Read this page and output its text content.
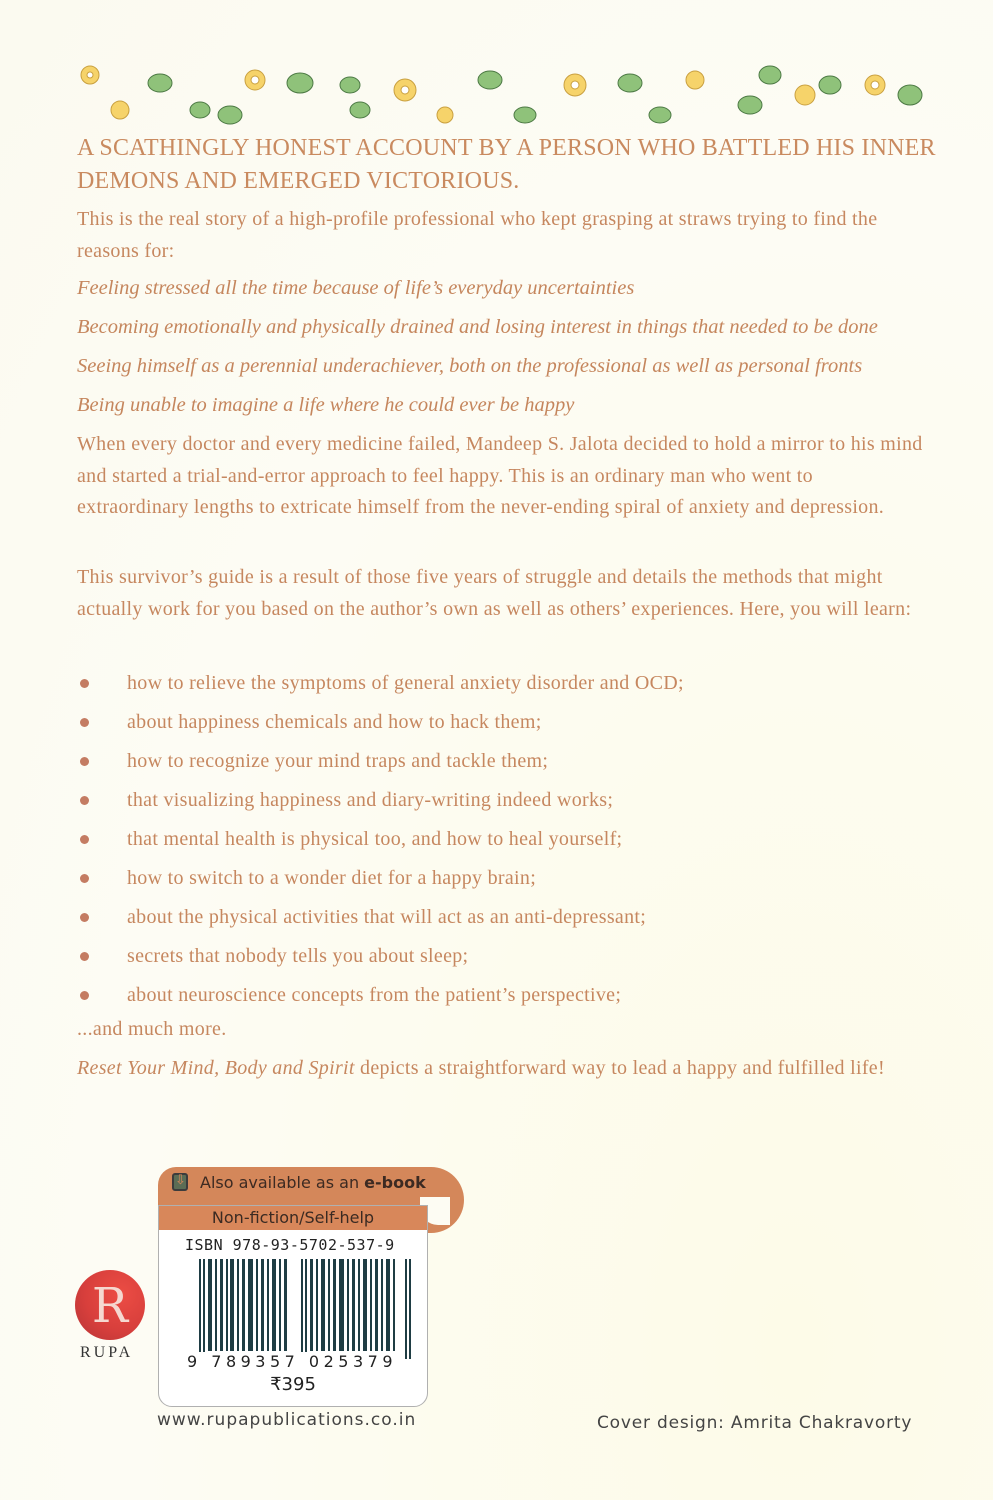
A SCATHINGLY HONEST ACCOUNT BY A PERSON WHO BATTLED HIS INNER DEMONS AND EMERGED VICTORIOUS.
This is the real story of a high-profile professional who kept grasping at straws trying to find the reasons for:
Feeling stressed all the time because of life’s everyday uncertainties
Becoming emotionally and physically drained and losing interest in things that needed to be done
Seeing himself as a perennial underachiever, both on the professional as well as personal fronts
Being unable to imagine a life where he could ever be happy
When every doctor and every medicine failed, Mandeep S. Jalota decided to hold a mirror to his mind and started a trial-and-error approach to feel happy. This is an ordinary man who went to extraordinary lengths to extricate himself from the never-ending spiral of anxiety and depression.
This survivor’s guide is a result of those five years of struggle and details the methods that might actually work for you based on the author’s own as well as others’ experiences. Here, you will learn:
how to relieve the symptoms of general anxiety disorder and OCD;
about happiness chemicals and how to hack them;
how to recognize your mind traps and tackle them;
that visualizing happiness and diary-writing indeed works;
that mental health is physical too, and how to heal yourself;
how to switch to a wonder diet for a happy brain;
about the physical activities that will act as an anti-depressant;
secrets that nobody tells you about sleep;
about neuroscience concepts from the patient’s perspective;
...and much more.
Reset Your Mind, Body and Spirit depicts a straightforward way to lead a happy and fulfilled life!
⇩
Also available as an e-book
Non-fiction/Self-help
ISBN 978-93-5702-537-9
9 789357 025379
₹395
R
RUPA
www.rupapublications.co.in	Cover design: Amrita Chakravorty
